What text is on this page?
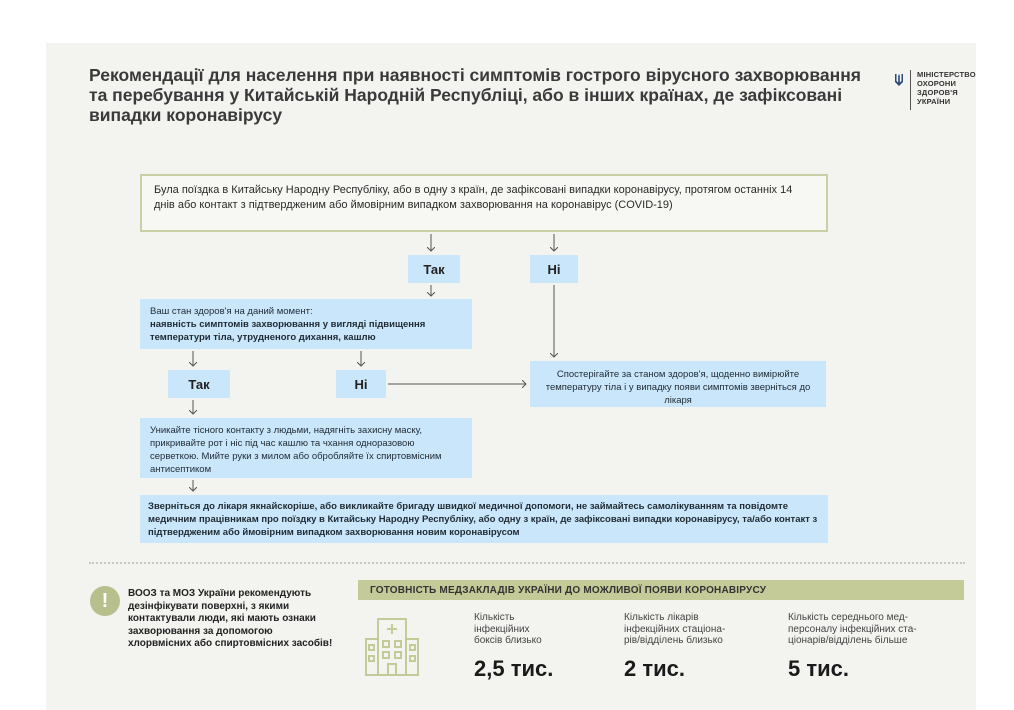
Рекомендації для населення при наявності симптомів гострого вірусного захворювання та перебування у Китайській Народній Республіці, або в інших країнах, де зафіксовані випадки коронавірусу
МІНІСТЕРСТВО
ОХОРОНИ
ЗДОРОВ'Я
УКРАЇНИ
Була поїздка в Китайську Народну Республіку, або в одну з країн, де зафіксовані випадки коронавірусу, протягом останніх 14 днів або контакт з підтвердженим або ймовірним випадком захворювання на коронавірус (COVID-19)
Так	Ні
Ваш стан здоров'я на даний момент:
наявність симптомів захворювання у вигляді підвищення температури тіла, утрудненого дихання, кашлю
Так	Ні
Спостерігайте за станом здоров'я, щоденно вимірюйте температуру тіла і у випадку появи симптомів зверніться до лікаря
Уникайте тісного контакту з людьми, надягніть захисну маску, прикривайте рот і ніс під час кашлю та чхання одноразовою серветкою. Мийте руки з милом або обробляйте їх спиртовмісним антисептиком
Зверніться до лікаря якнайскоріше, або викликайте бригаду швидкої медичної допомоги, не займайтесь самолікуванням та повідомте медичним працівникам про поїздку в Китайську Народну Республіку, або одну з країн, де зафіксовані випадки коронавірусу, та/або контакт з підтвердженим або ймовірним випадком захворювання новим коронавірусом
!	ВООЗ та МОЗ України рекомендують дезінфікувати поверхні, з якими контактували люди, які мають ознаки захворювання за допомогою хлорвмісних або спиртовмісних засобів!
ГОТОВНІСТЬ МЕДЗАКЛАДІВ УКРАЇНИ ДО МОЖЛИВОЇ ПОЯВИ КОРОНАВІРУСУ
Кількість
інфекційних
боксів близько
2,5 тис.
Кількість лікарів
інфекційних стаціона-
рів/відділень близько
2 тис.
Кількість середнього мед-
персоналу інфекційних ста-
ціонарів/відділень більше
5 тис.
